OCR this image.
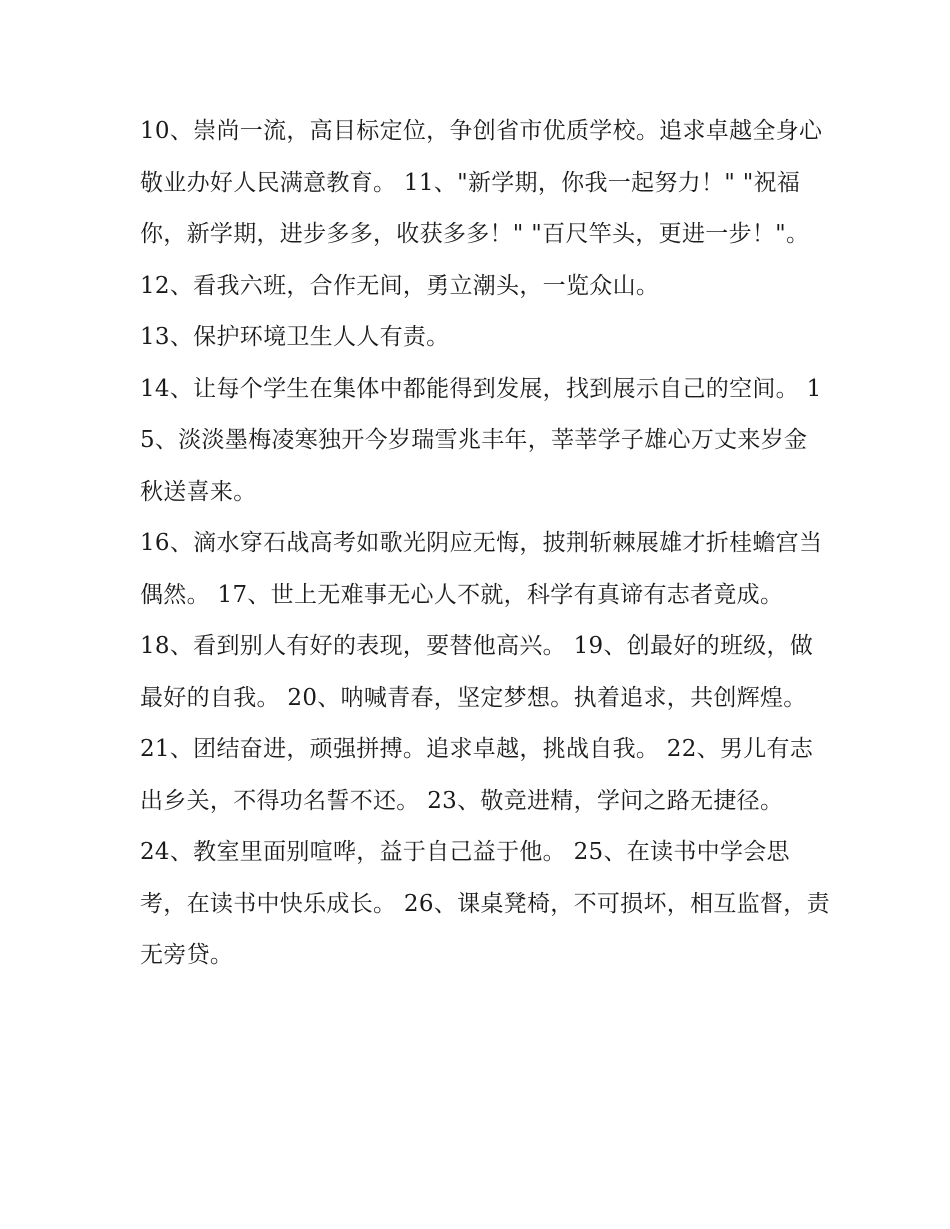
10、崇尚一流，高目标定位，争创省市优质学校。追求卓越全身心敬业办好人民满意教育。 11、"新学期，你我一起努力！" "祝福你，新学期，进步多多，收获多多！" "百尺竿头，更进一步！"。 12、看我六班，合作无间，勇立潮头，一览众山。

13、保护环境卫生人人有责。

14、让每个学生在集体中都能得到发展，找到展示自己的空间。 15、淡淡墨梅凌寒独开今岁瑞雪兆丰年，莘莘学子雄心万丈来岁金秋送喜来。

16、滴水穿石战高考如歌光阴应无悔，披荆斩棘展雄才折桂蟾宫当偶然。 17、世上无难事无心人不就，科学有真谛有志者竟成。

18、看到别人有好的表现，要替他高兴。 19、创最好的班级，做最好的自我。 20、呐喊青春，坚定梦想。执着追求，共创辉煌。

21、团结奋进，顽强拼搏。追求卓越，挑战自我。 22、男儿有志出乡关，不得功名誓不还。 23、敬竞进精，学问之路无捷径。

24、教室里面别喧哗，益于自己益于他。 25、在读书中学会思考，在读书中快乐成长。 26、课桌凳椅，不可损坏，相互监督，责无旁贷。
